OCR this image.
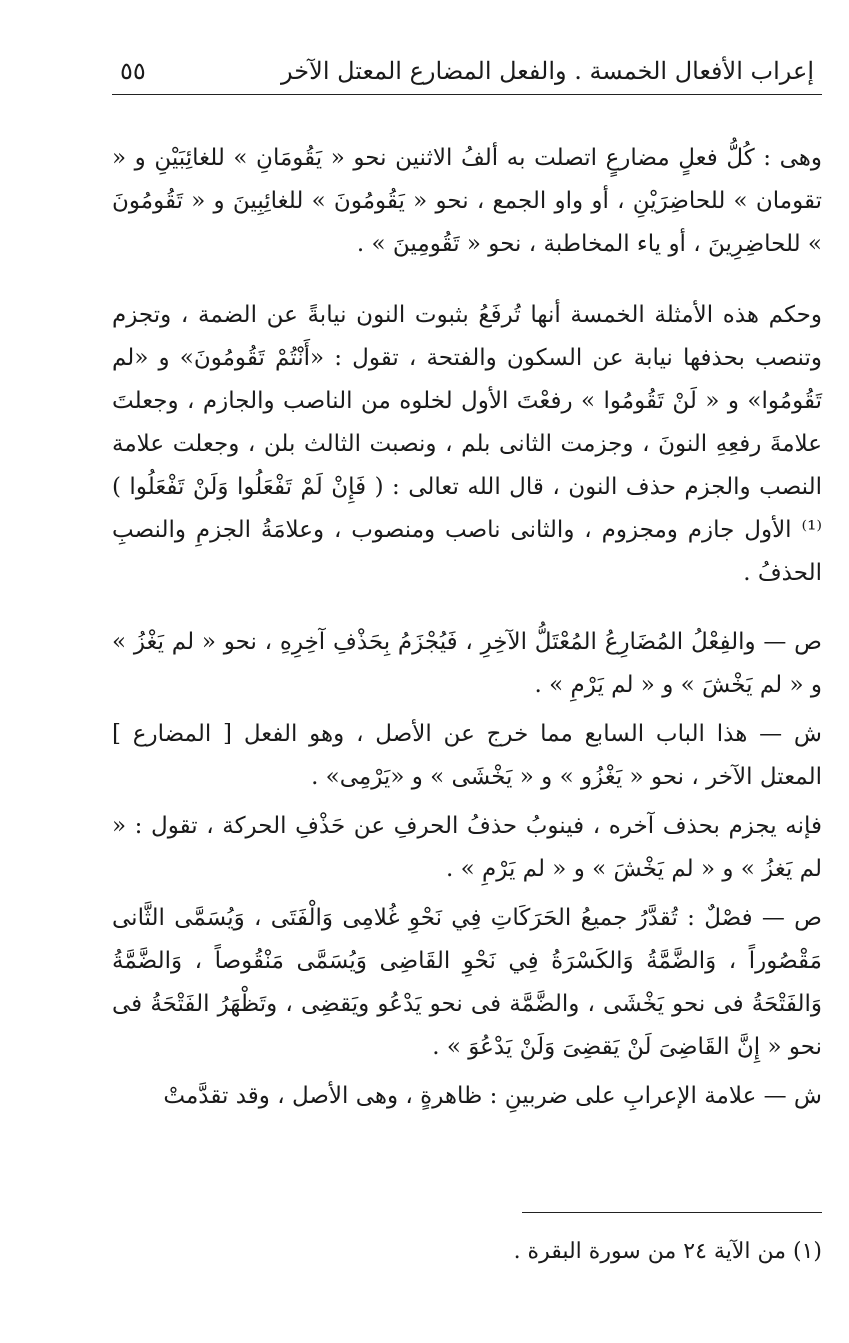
إعراب الأفعال الخمسة . والفعل المضارع المعتل الآخر
٥٥

وهى : كُلُّ فعلٍ مضارعٍ اتصلت به ألفُ الاثنين نحو « يَقُومَانِ » للغائِبَيْنِ و « تقومان » للحاضِرَيْنِ ، أو واو الجمع ، نحو « يَقُومُونَ » للغائِبِينَ و « تَقُومُونَ » للحاضِرِينَ ، أو ياء المخاطبة ، نحو « تَقُومِينَ » .

وحكم هذه الأمثلة الخمسة أنها تُرفَعُ بثبوت النون نيابةً عن الضمة ، وتجزم وتنصب بحذفها نيابة عن السكون والفتحة ، تقول : «أَنْتُمْ تَقُومُونَ» و «لم تَقُومُوا» و « لَنْ تَقُومُوا » رفعْتَ الأول لخلوه من الناصب والجازم ، وجعلتَ علامةَ رفعِهِ النونَ ، وجزمت الثانى بلم ، ونصبت الثالث بلن ، وجعلت علامة النصب والجزم حذف النون ، قال الله تعالى : ( فَإِنْ لَمْ تَفْعَلُوا وَلَنْ تَفْعَلُوا )⁽¹⁾ الأول جازم ومجزوم ، والثانى ناصب ومنصوب ، وعلامَةُ الجزمِ والنصبِ الحذفُ .

ص — والفِعْلُ المُضَارِعُ المُعْتَلُّ الآخِرِ ، فَيُجْزَمُ بِحَذْفِ آخِرِهِ ، نحو « لم يَغْزُ » و « لم يَخْشَ » و « لم يَرْمِ » .

ش — هذا الباب السابع مما خرج عن الأصل ، وهو الفعل [ المضارع ] المعتل الآخر ، نحو « يَغْزُو » و « يَخْشَى » و «يَرْمِى» .

فإنه يجزم بحذف آخره ، فينوبُ حذفُ الحرفِ عن حَذْفِ الحركة ، تقول : « لم يَغزُ » و « لم يَخْشَ » و « لم يَرْمِ » .

ص — فصْلٌ : تُقدَّرُ جميعُ الحَرَكَاتِ فِي نَحْوِ غُلامِى وَالْفَتَى ، وَيُسَمَّى الثَّانى مَقْصُوراً ، وَالضَّمَّةُ وَالكَسْرَةُ فِي نَحْوِ القَاضِى وَيُسَمَّى مَنْقُوصاً ، وَالضَّمَّةُ وَالفَتْحَةُ فى نحو يَخْشَى ، والضَّمَّة فى نحو يَدْعُو ويَقضِى ، وتَظْهَرُ الفَتْحَةُ فى نحو « إِنَّ القَاضِىَ لَنْ يَقضِىَ وَلَنْ يَدْعُوَ » .

ش — علامة الإعرابِ على ضربينِ : ظاهرةٍ ، وهى الأصل ، وقد تقدَّمتْ

(١) من الآية ٢٤ من سورة البقرة .
